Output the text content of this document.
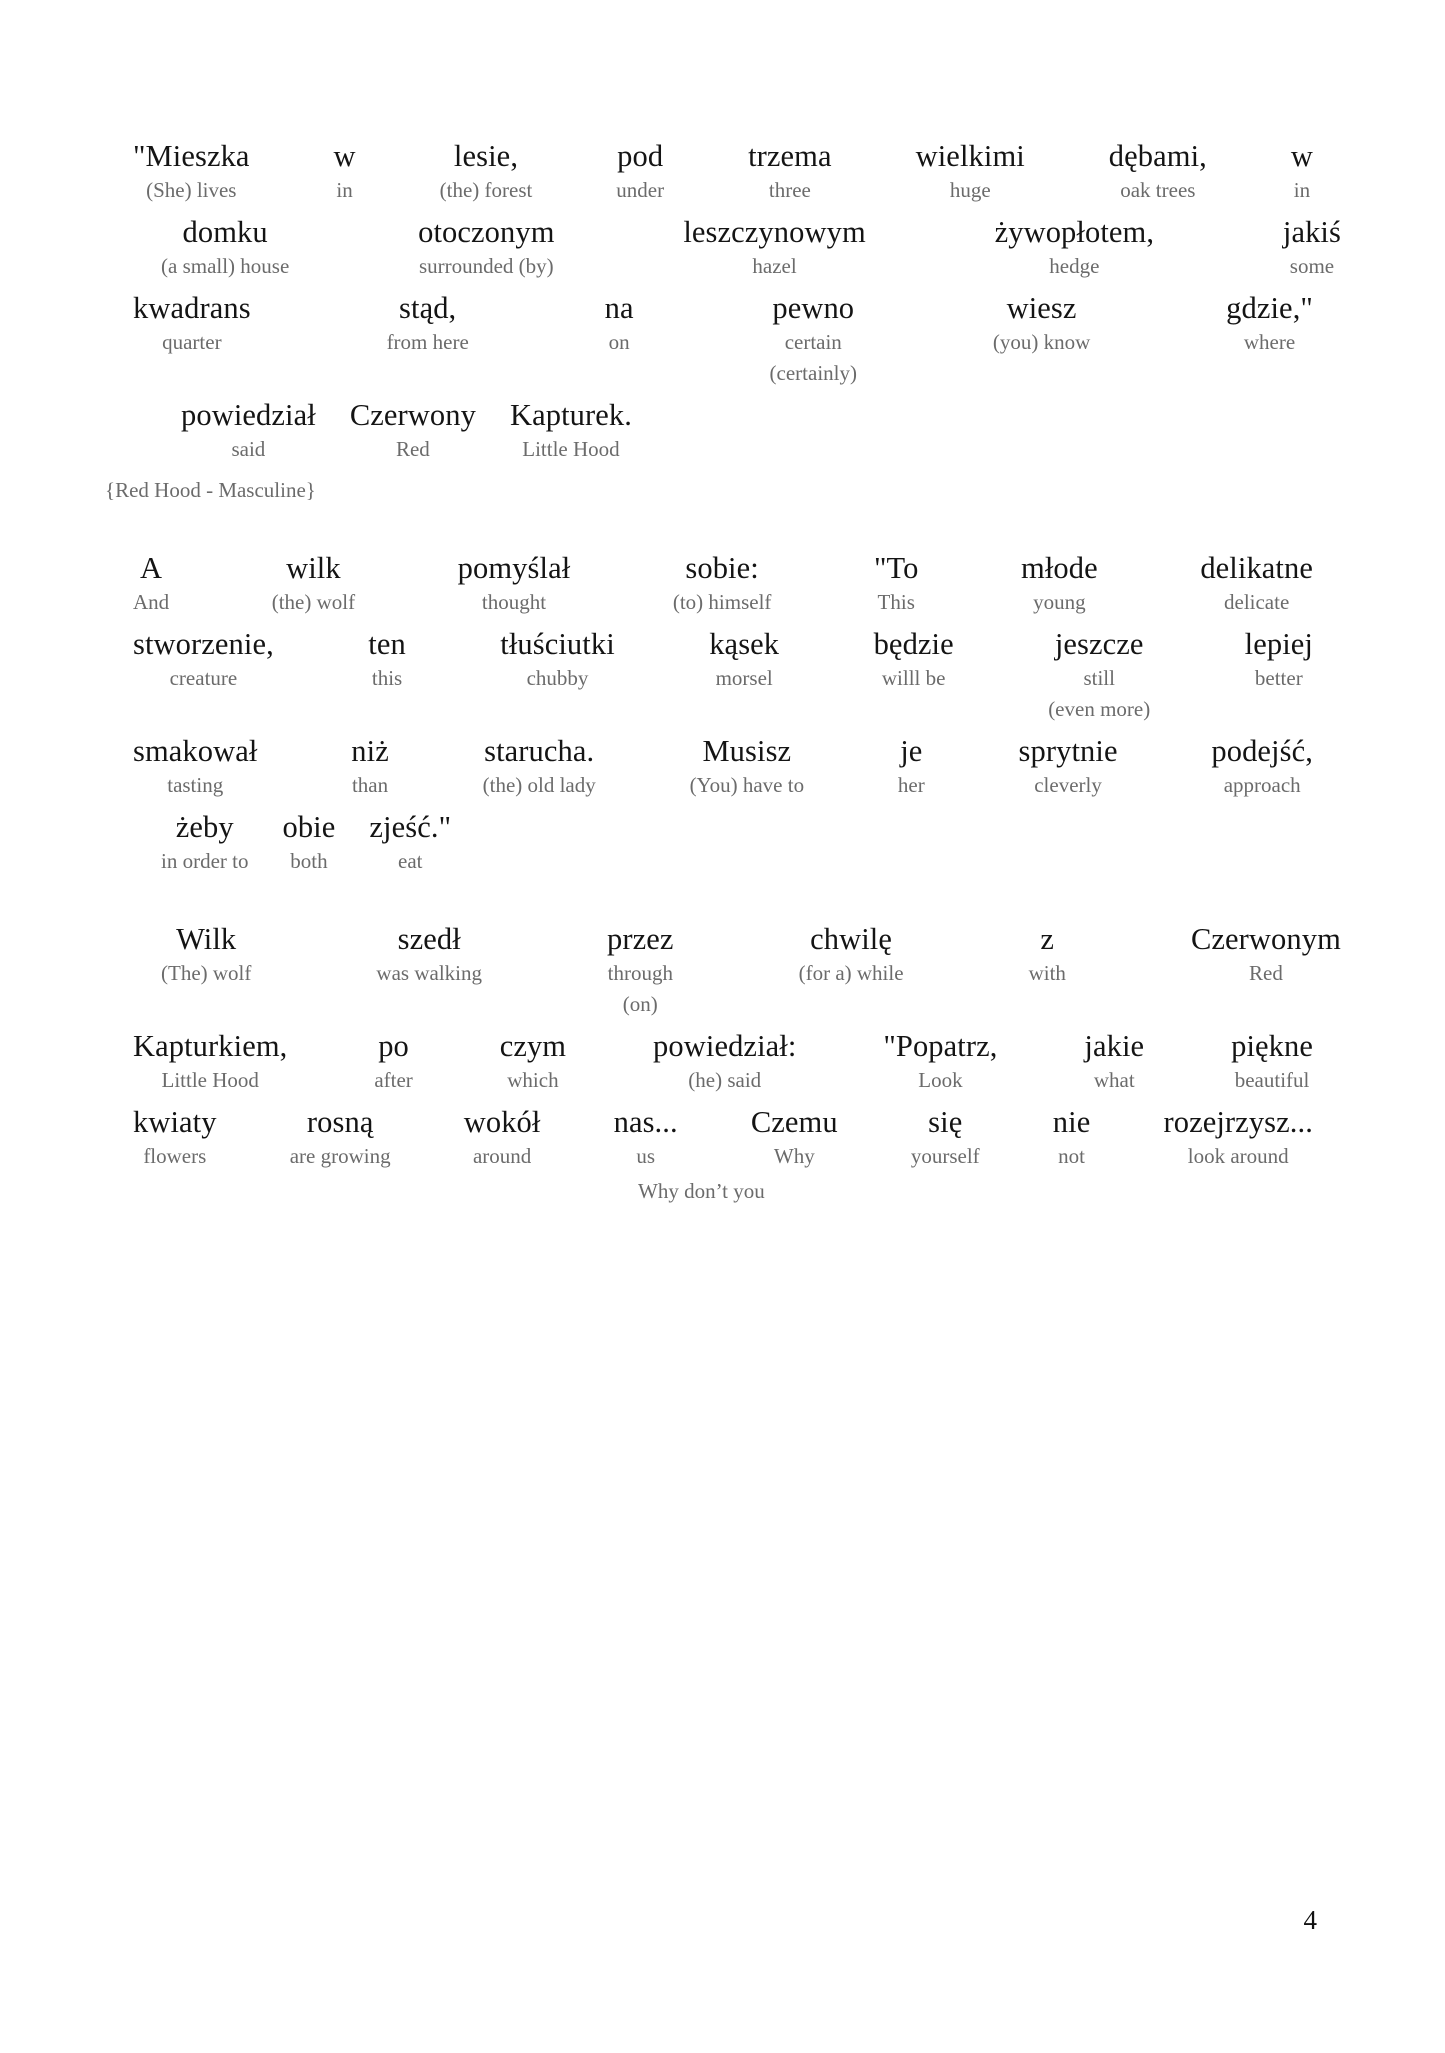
"Mieszka
(She) lives
w
in
lesie,
(the) forest
pod
under
trzema
three
wielkimi
huge
dębami,
oak trees
w
in
domku
(a small) house
otoczonym
surrounded (by)
leszczynowym
hazel
żywopłotem,
hedge
jakiś
some
kwadrans
quarter
stąd,
from here
na
on
pewno
certain
(certainly)
wiesz
(you) know
gdzie,"
where
powiedział
said
Czerwony
Red
Kapturek.
Little Hood
{Red Hood - Masculine}
A
And
wilk
(the) wolf
pomyślał
thought
sobie:
(to) himself
"To
This
młode
young
delikatne
delicate
stworzenie,
creature
ten
this
tłuściutki
chubby
kąsek
morsel
będzie
willl be
jeszcze
still
(even more)
lepiej
better
smakował
tasting
niż
than
starucha.
(the) old lady
Musisz
(You) have to
je
her
sprytnie
cleverly
podejść,
approach
żeby
in order to
obie
both
zjeść."
eat
Wilk
(The) wolf
szedł
was walking
przez
through
(on)
chwilę
(for a) while
z
with
Czerwonym
Red
Kapturkiem,
Little Hood
po
after
czym
which
powiedział:
(he) said
"Popatrz,
Look
jakie
what
piękne
beautiful
kwiaty
flowers
rosną
are growing
wokół
around
nas...
us
Czemu
Why
się
yourself
nie
not
rozejrzysz...
look around
Why don’t you
4
